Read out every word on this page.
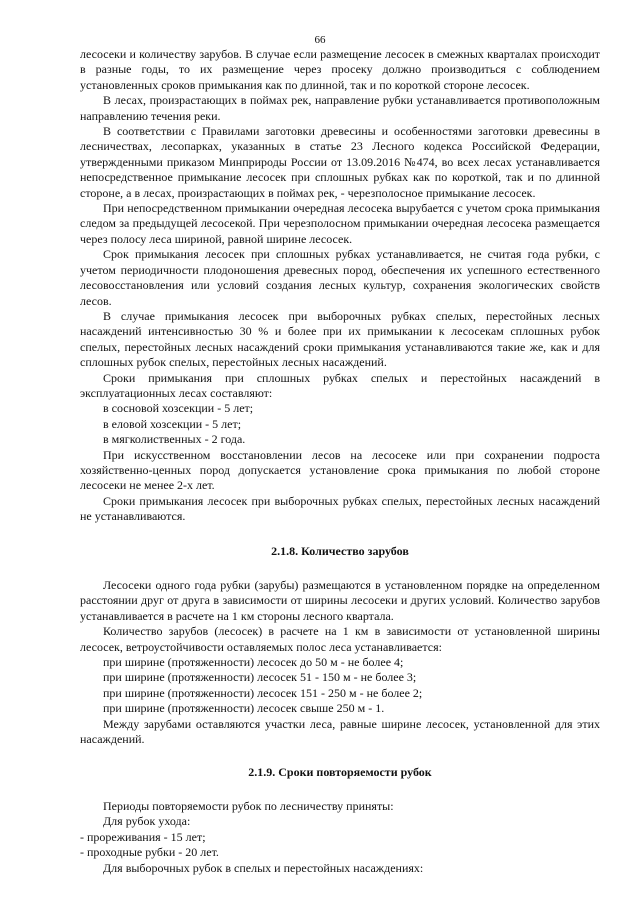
66

лесосеки и количеству зарубов. В случае если размещение лесосек в смежных кварталах происходит в разные годы, то их размещение через просеку должно производиться с соблюдением установленных сроков примыкания как по длинной, так и по короткой стороне лесосек.

В лесах, произрастающих в поймах рек, направление рубки устанавливается противоположным направлению течения реки.

В соответствии с Правилами заготовки древесины и особенностями заготовки древесины в лесничествах, лесопарках, указанных в статье 23 Лесного кодекса Российской Федерации, утвержденными приказом Минприроды России от 13.09.2016 №474, во всех лесах устанавливается непосредственное примыкание лесосек при сплошных рубках как по короткой, так и по длинной стороне, а в лесах, произрастающих в поймах рек, - черезполосное примыкание лесосек.

При непосредственном примыкании очередная лесосека вырубается с учетом срока примыкания следом за предыдущей лесосекой. При черезполосном примыкании очередная лесосека размещается через полосу леса шириной, равной ширине лесосек.

Срок примыкания лесосек при сплошных рубках устанавливается, не считая года рубки, с учетом периодичности плодоношения древесных пород, обеспечения их успешного естественного лесовосстановления или условий создания лесных культур, сохранения экологических свойств лесов.

В случае примыкания лесосек при выборочных рубках спелых, перестойных лесных насаждений интенсивностью 30 % и более при их примыкании к лесосекам сплошных рубок спелых, перестойных лесных насаждений сроки примыкания устанавливаются такие же, как и для сплошных рубок спелых, перестойных лесных насаждений.

Сроки примыкания при сплошных рубках спелых и перестойных насаждений в эксплуатационных лесах составляют:

в сосновой хозсекции - 5 лет;

в еловой хозсекции - 5 лет;

в мягколиственных - 2 года.

При искусственном восстановлении лесов на лесосеке или при сохранении подроста хозяйственно-ценных пород допускается установление срока примыкания по любой стороне лесосеки не менее 2-х лет.

Сроки примыкания лесосек при выборочных рубках спелых, перестойных лесных насаждений не устанавливаются.

2.1.8. Количество зарубов

Лесосеки одного года рубки (зарубы) размещаются в установленном порядке на определенном расстоянии друг от друга в зависимости от ширины лесосеки и других условий. Количество зарубов устанавливается в расчете на 1 км стороны лесного квартала.

Количество зарубов (лесосек) в расчете на 1 км в зависимости от установленной ширины лесосек, ветроустойчивости оставляемых полос леса устанавливается:

при ширине (протяженности) лесосек до 50 м - не более 4;

при ширине (протяженности) лесосек 51 - 150 м - не более 3;

при ширине (протяженности) лесосек 151 - 250 м - не более 2;

при ширине (протяженности) лесосек свыше 250 м - 1.

Между зарубами оставляются участки леса, равные ширине лесосек, установленной для этих насаждений.

2.1.9. Сроки повторяемости рубок

Периоды повторяемости рубок по лесничеству приняты:

Для рубок ухода:

- прореживания - 15 лет;

- проходные рубки - 20 лет.

Для выборочных рубок в спелых и перестойных насаждениях:
